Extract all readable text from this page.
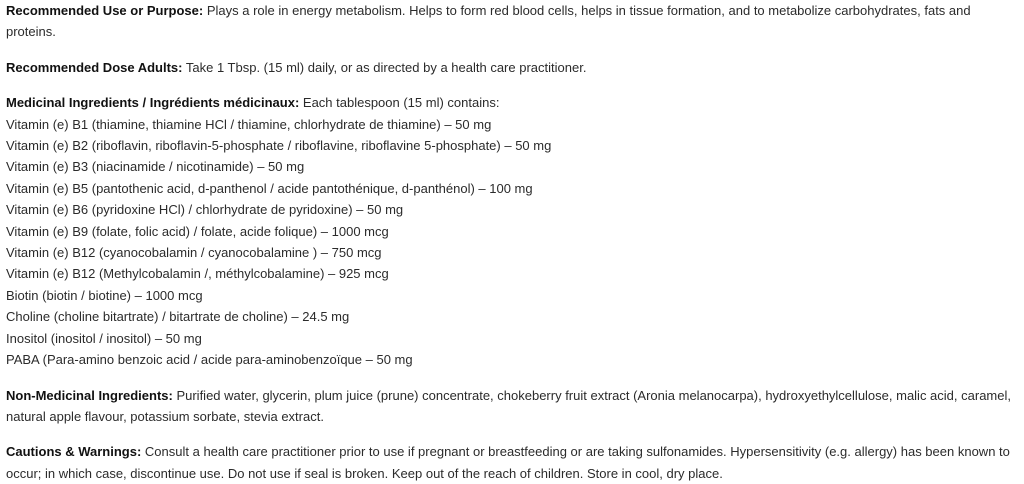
Recommended Use or Purpose: Plays a role in energy metabolism. Helps to form red blood cells, helps in tissue formation, and to metabolize carbohydrates, fats and proteins.

Recommended Dose Adults: Take 1 Tbsp. (15 ml) daily, or as directed by a health care practitioner.

Medicinal Ingredients / Ingrédients médicinaux: Each tablespoon (15 ml) contains:
Vitamin (e) B1 (thiamine, thiamine HCl / thiamine, chlorhydrate de thiamine) – 50 mg
Vitamin (e) B2 (riboflavin, riboflavin-5-phosphate / riboflavine, riboflavine 5-phosphate) – 50 mg
Vitamin (e) B3 (niacinamide / nicotinamide) – 50 mg
Vitamin (e) B5 (pantothenic acid, d-panthenol / acide pantothénique, d-panthénol) – 100 mg
Vitamin (e) B6 (pyridoxine HCl) / chlorhydrate de pyridoxine) – 50 mg
Vitamin (e) B9 (folate, folic acid) / folate, acide folique) – 1000 mcg
Vitamin (e) B12 (cyanocobalamin / cyanocobalamine ) – 750 mcg
Vitamin (e) B12 (Methylcobalamin /, méthylcobalamine) – 925 mcg
Biotin (biotin / biotine) – 1000 mcg
Choline (choline bitartrate) / bitartrate de choline) – 24.5 mg
Inositol (inositol / inositol) – 50 mg
PABA (Para-amino benzoic acid / acide para-aminobenzoïque – 50 mg

Non-Medicinal Ingredients: Purified water, glycerin, plum juice (prune) concentrate, chokeberry fruit extract (Aronia melanocarpa), hydroxyethylcellulose, malic acid, caramel, natural apple flavour, potassium sorbate, stevia extract.

Cautions & Warnings: Consult a health care practitioner prior to use if pregnant or breastfeeding or are taking sulfonamides. Hypersensitivity (e.g. allergy) has been known to occur; in which case, discontinue use. Do not use if seal is broken. Keep out of the reach of children. Store in cool, dry place.
